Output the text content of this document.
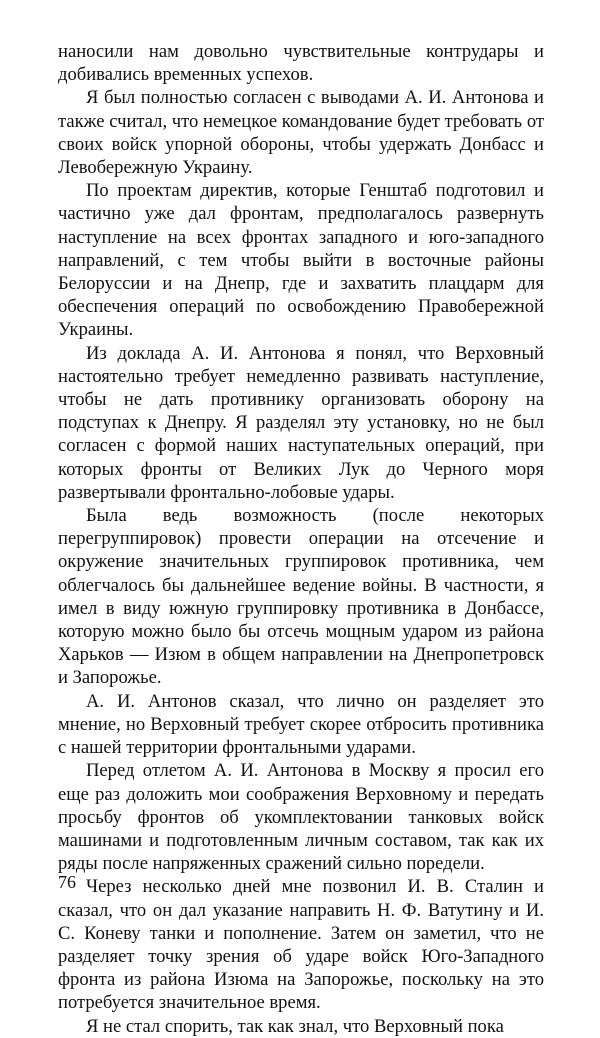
наносили нам довольно чувствительные контрудары и добивались временных успехов.

Я был полностью согласен с выводами А. И. Антонова и также считал, что немецкое командование будет требовать от своих войск упорной обороны, чтобы удержать Донбасс и Левобережную Украину.

По проектам директив, которые Генштаб подготовил и частично уже дал фронтам, предполагалось развернуть наступление на всех фронтах западного и юго-западного направлений, с тем чтобы выйти в восточные районы Белоруссии и на Днепр, где и захватить плацдарм для обеспечения операций по освобождению Правобережной Украины.

Из доклада А. И. Антонова я понял, что Верховный настоятельно требует немедленно развивать наступление, чтобы не дать противнику организовать оборону на подступах к Днепру. Я разделял эту установку, но не был согласен с формой наших наступательных операций, при которых фронты от Великих Лук до Черного моря развертывали фронтально-лобовые удары.

Была ведь возможность (после некоторых перегруппировок) провести операции на отсечение и окружение значительных группировок противника, чем облегчалось бы дальнейшее ведение войны. В частности, я имел в виду южную группировку противника в Донбассе, которую можно было бы отсечь мощным ударом из района Харьков — Изюм в общем направлении на Днепропетровск и Запорожье.

А. И. Антонов сказал, что лично он разделяет это мнение, но Верховный требует скорее отбросить противника с нашей территории фронтальными ударами.

Перед отлетом А. И. Антонова в Москву я просил его еще раз доложить мои соображения Верховному и передать просьбу фронтов об укомплектовании танковых войск машинами и подготовленным личным составом, так как их ряды после напряженных сражений сильно поредели.

Через несколько дней мне позвонил И. В. Сталин и сказал, что он дал указание направить Н. Ф. Ватутину и И. С. Коневу танки и пополнение. Затем он заметил, что не разделяет точку зрения об ударе войск Юго-Западного фронта из района Изюма на Запорожье, поскольку на это потребуется значительное время.

Я не стал спорить, так как знал, что Верховный пока

76
